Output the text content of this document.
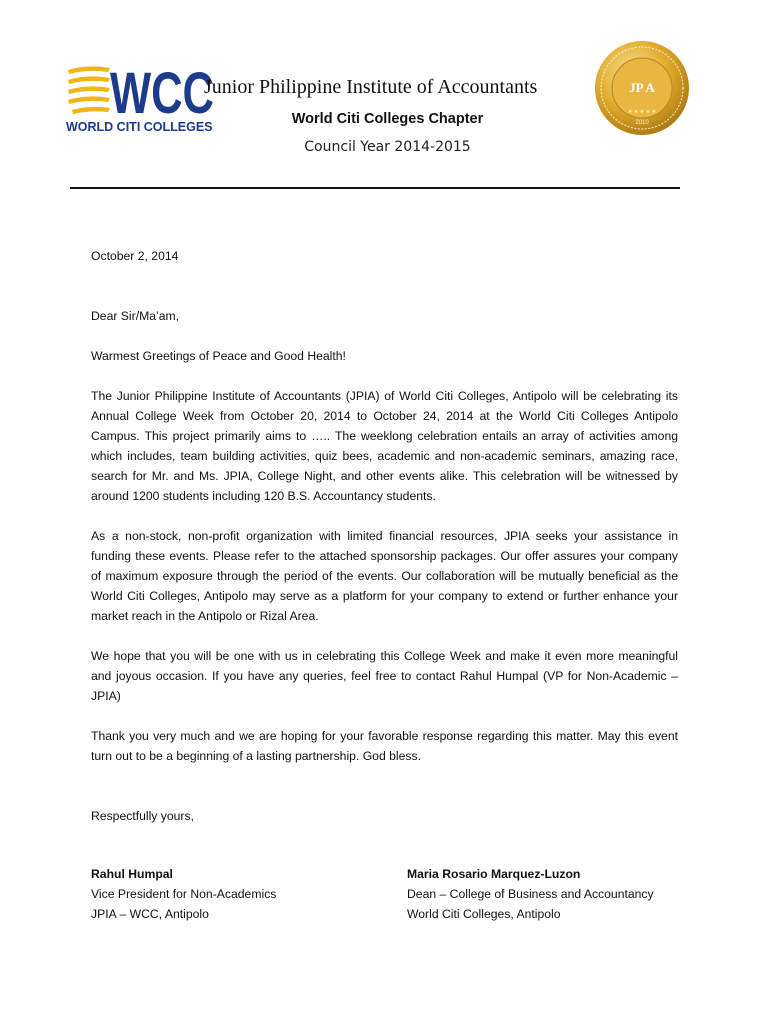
WCC
WORLD CITI COLLEGES
Junior Philippine Institute of Accountants
World Citi Colleges Chapter
Council Year 2014-2015
JP A
2010
★ ★ ★ ★ ★
October 2, 2014
Dear Sir/Ma’am,
Warmest Greetings of Peace and Good Health!
The Junior Philippine Institute of Accountants (JPIA) of World Citi Colleges, Antipolo will be celebrating its Annual College Week from October 20, 2014 to October 24, 2014 at the World Citi Colleges Antipolo Campus. This project primarily aims to ….. The weeklong celebration entails an array of activities among which includes, team building activities, quiz bees, academic and non-academic seminars, amazing race, search for Mr. and Ms. JPIA, College Night, and other events alike. This celebration will be witnessed by around 1200 students including 120 B.S. Accountancy students.
As a non-stock, non-profit organization with limited financial resources, JPIA seeks your assistance in funding these events. Please refer to the attached sponsorship packages. Our offer assures your company of maximum exposure through the period of the events. Our collaboration will be mutually beneficial as the World Citi Colleges, Antipolo may serve as a platform for your company to extend or further enhance your market reach in the Antipolo or Rizal Area.
We hope that you will be one with us in celebrating this College Week and make it even more meaningful and joyous occasion. If you have any queries, feel free to contact Rahul Humpal (VP for Non-Academic – JPIA)
Thank you very much and we are hoping for your favorable response regarding this matter. May this event turn out to be a beginning of a lasting partnership. God bless.
Respectfully yours,
Rahul Humpal
Vice President for Non-Academics
JPIA – WCC, Antipolo
Maria Rosario Marquez-Luzon
Dean – College of Business and Accountancy
World Citi Colleges, Antipolo
